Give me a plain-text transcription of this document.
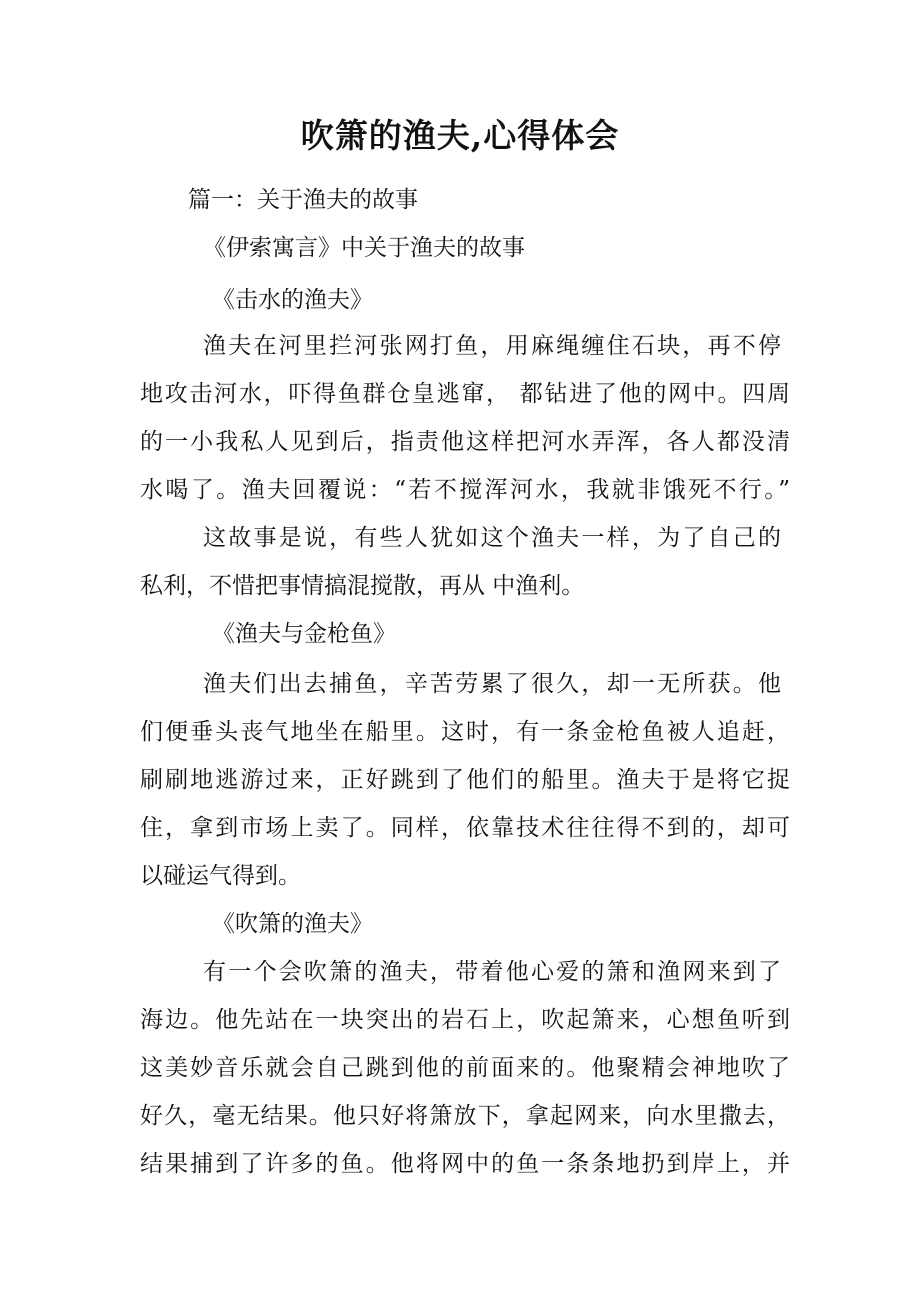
吹箫的渔夫,心得体会
篇一：关于渔夫的故事
《伊索寓言》中关于渔夫的故事
《击水的渔夫》
渔夫在河里拦河张网打鱼，用麻绳缠住石块，再不停
地攻击河水，吓得鱼群仓皇逃窜， 都钻进了他的网中。四周
的一小我私人见到后，指责他这样把河水弄浑，各人都没清
水喝了。渔夫回覆说：“若不搅浑河水，我就非饿死不行。”
这故事是说，有些人犹如这个渔夫一样，为了自己的
私利，不惜把事情搞混搅散，再从 中渔利。
《渔夫与金枪鱼》
渔夫们出去捕鱼，辛苦劳累了很久，却一无所获。他
们便垂头丧气地坐在船里。这时，有一条金枪鱼被人追赶，
刷刷地逃游过来，正好跳到了他们的船里。渔夫于是将它捉
住，拿到市场上卖了。同样，依靠技术往往得不到的，却可
以碰运气得到。
《吹箫的渔夫》
有一个会吹箫的渔夫，带着他心爱的箫和渔网来到了
海边。他先站在一块突出的岩石上，吹起箫来，心想鱼听到
这美妙音乐就会自己跳到他的前面来的。他聚精会神地吹了
好久，毫无结果。他只好将箫放下，拿起网来，向水里撒去，
结果捕到了许多的鱼。他将网中的鱼一条条地扔到岸上，并
